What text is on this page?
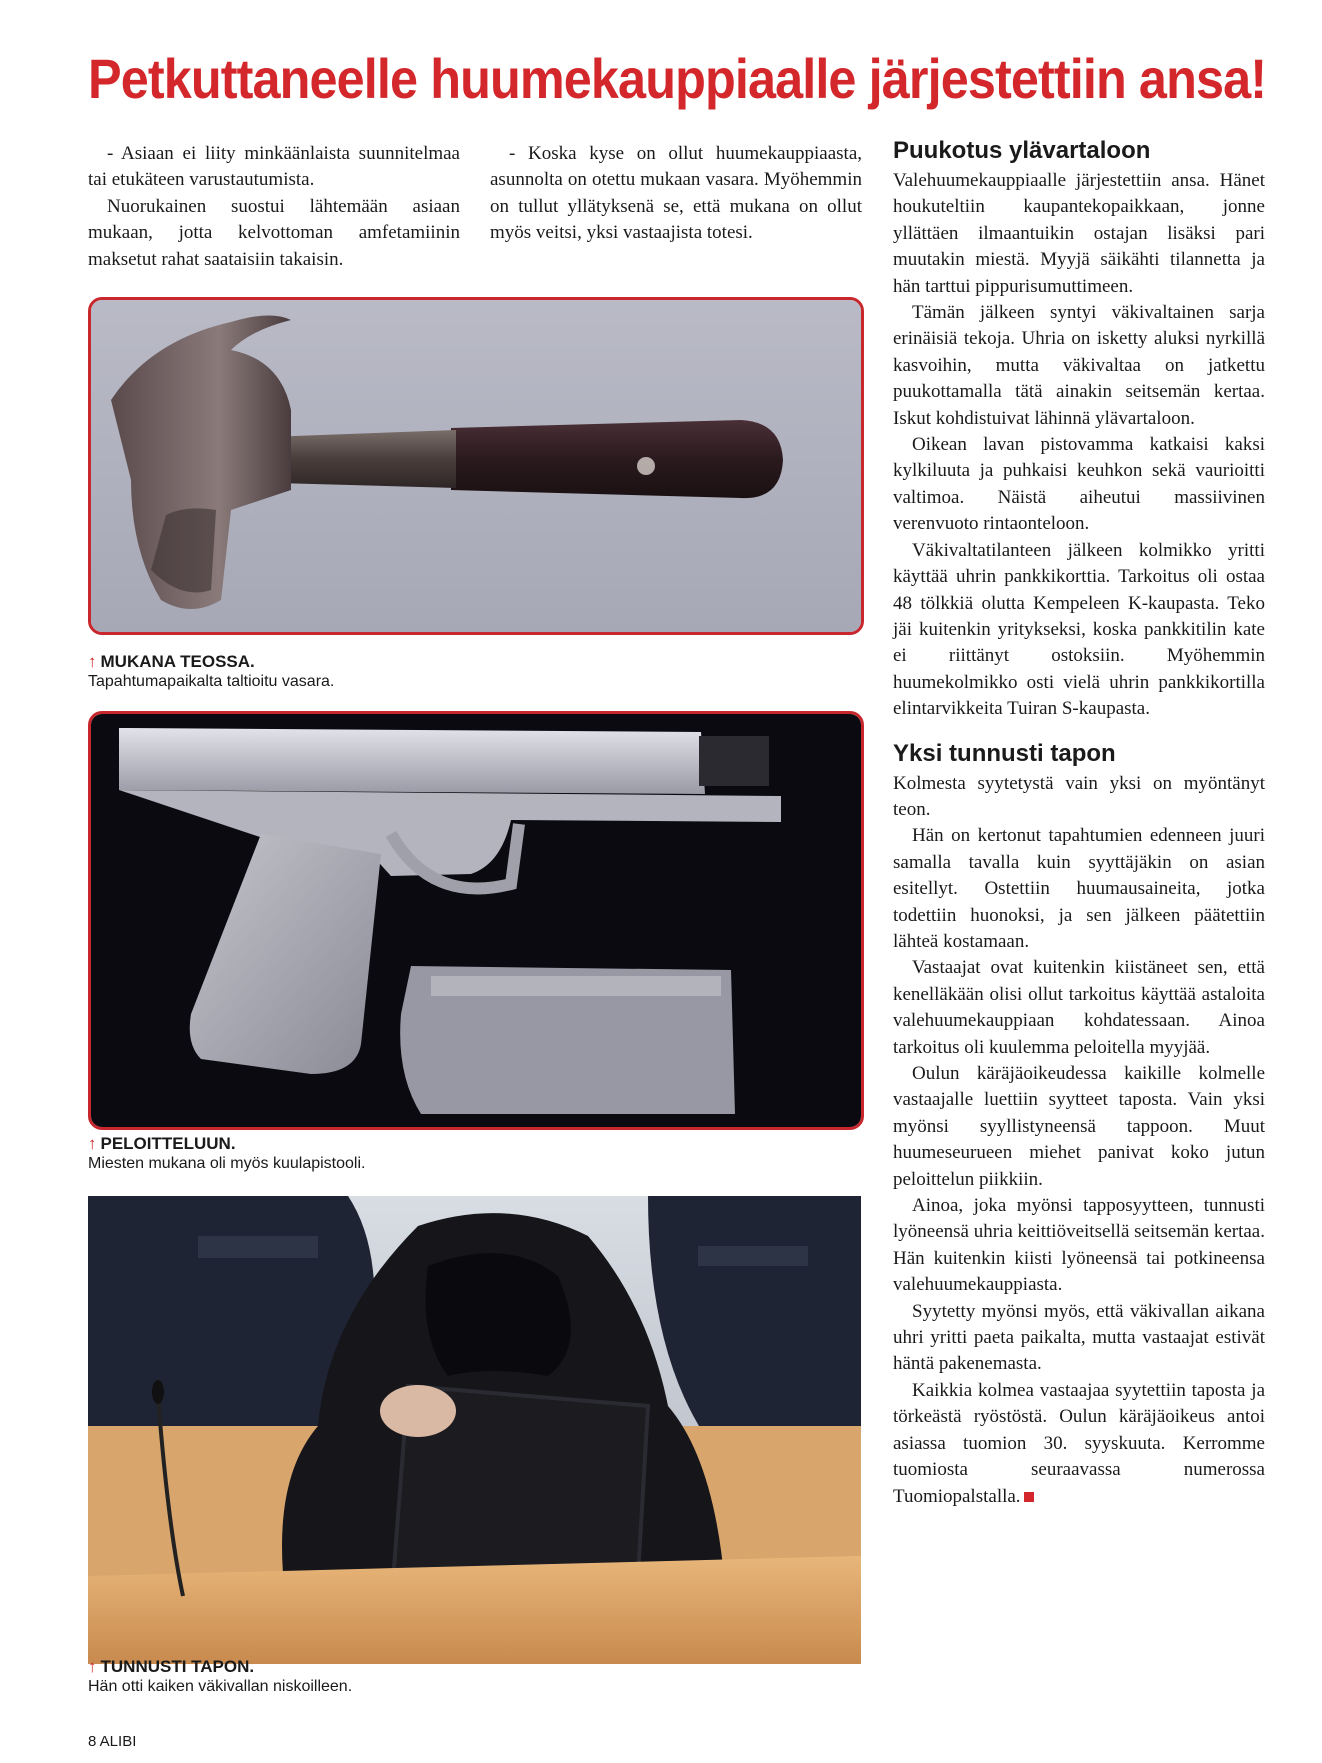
Petkuttaneelle huumekauppiaalle järjestettiin ansa!

- Asiaan ei liity minkäänlaista suunnitelmaa tai etukäteen varustautumista.

Nuorukainen suostui lähtemään asiaan mukaan, jotta kelvottoman amfetamiinin maksetut rahat saataisiin takaisin.

- Koska kyse on ollut huumekauppiaasta, asunnolta on otettu mukaan vasara. Myöhemmin on tullut yllätyksenä se, että mukana on ollut myös veitsi, yksi vastaajista totesi.

Puukotus ylävartaloon

Valehuumekauppiaalle järjestettiin ansa. Hänet houkuteltiin kaupantekopaikkaan, jonne yllättäen ilmaantuikin ostajan lisäksi pari muutakin miestä. Myyjä säikähti tilannetta ja hän tarttui pippurisumuttimeen.

Tämän jälkeen syntyi väkivaltainen sarja erinäisiä tekoja. Uhria on isketty aluksi nyrkillä kasvoihin, mutta väkivaltaa on jatkettu puukottamalla tätä ainakin seitsemän kertaa. Iskut kohdistuivat lähinnä ylävartaloon.

Oikean lavan pistovamma katkaisi kaksi kylkiluuta ja puhkaisi keuhkon sekä vaurioitti valtimoa. Näistä aiheutui massiivinen verenvuoto rintaonteloon.

Väkivaltatilanteen jälkeen kolmikko yritti käyttää uhrin pankkikorttia. Tarkoitus oli ostaa 48 tölkkiä olutta Kempeleen K-kaupasta. Teko jäi kuitenkin yritykseksi, koska pankkitilin kate ei riittänyt ostoksiin. Myöhemmin huumekolmikko osti vielä uhrin pankkikortilla elintarvikkeita Tuiran S-kaupasta.

Yksi tunnusti tapon

Kolmesta syytetystä vain yksi on myöntänyt teon.

Hän on kertonut tapahtumien edenneen juuri samalla tavalla kuin syyttäjäkin on asian esitellyt. Ostettiin huumausaineita, jotka todettiin huonoksi, ja sen jälkeen päätettiin lähteä kostamaan.

Vastaajat ovat kuitenkin kiistäneet sen, että kenelläkään olisi ollut tarkoitus käyttää astaloita valehuumekauppiaan kohdatessaan. Ainoa tarkoitus oli kuulemma peloitella myyjää.

Oulun käräjäoikeudessa kaikille kolmelle vastaajalle luettiin syytteet taposta. Vain yksi myönsi syyllistyneensä tappoon. Muut huumeseurueen miehet panivat koko jutun peloittelun piikkiin.

Ainoa, joka myönsi tapposyytteen, tunnusti lyöneensä uhria keittiöveitsellä seitsemän kertaa. Hän kuitenkin kiisti lyöneensä tai potkineensa valehuumekauppiasta.

Syytetty myönsi myös, että väkivallan aikana uhri yritti paeta paikalta, mutta vastaajat estivät häntä pakenemasta.

Kaikkia kolmea vastaajaa syytettiin taposta ja törkeästä ryöstöstä. Oulun käräjäoikeus antoi asiassa tuomion 30. syyskuuta. Kerromme tuomiosta seuraavassa numerossa Tuomiopalstalla.

↑ MUKANA TEOSSA.
Tapahtumapaikalta taltioitu vasara.
↑ PELOITTELUUN.
Miesten mukana oli myös kuulapistooli.
↑ TUNNUSTI TAPON.
Hän otti kaiken väkivallan niskoilleen.
8 ALIBI
